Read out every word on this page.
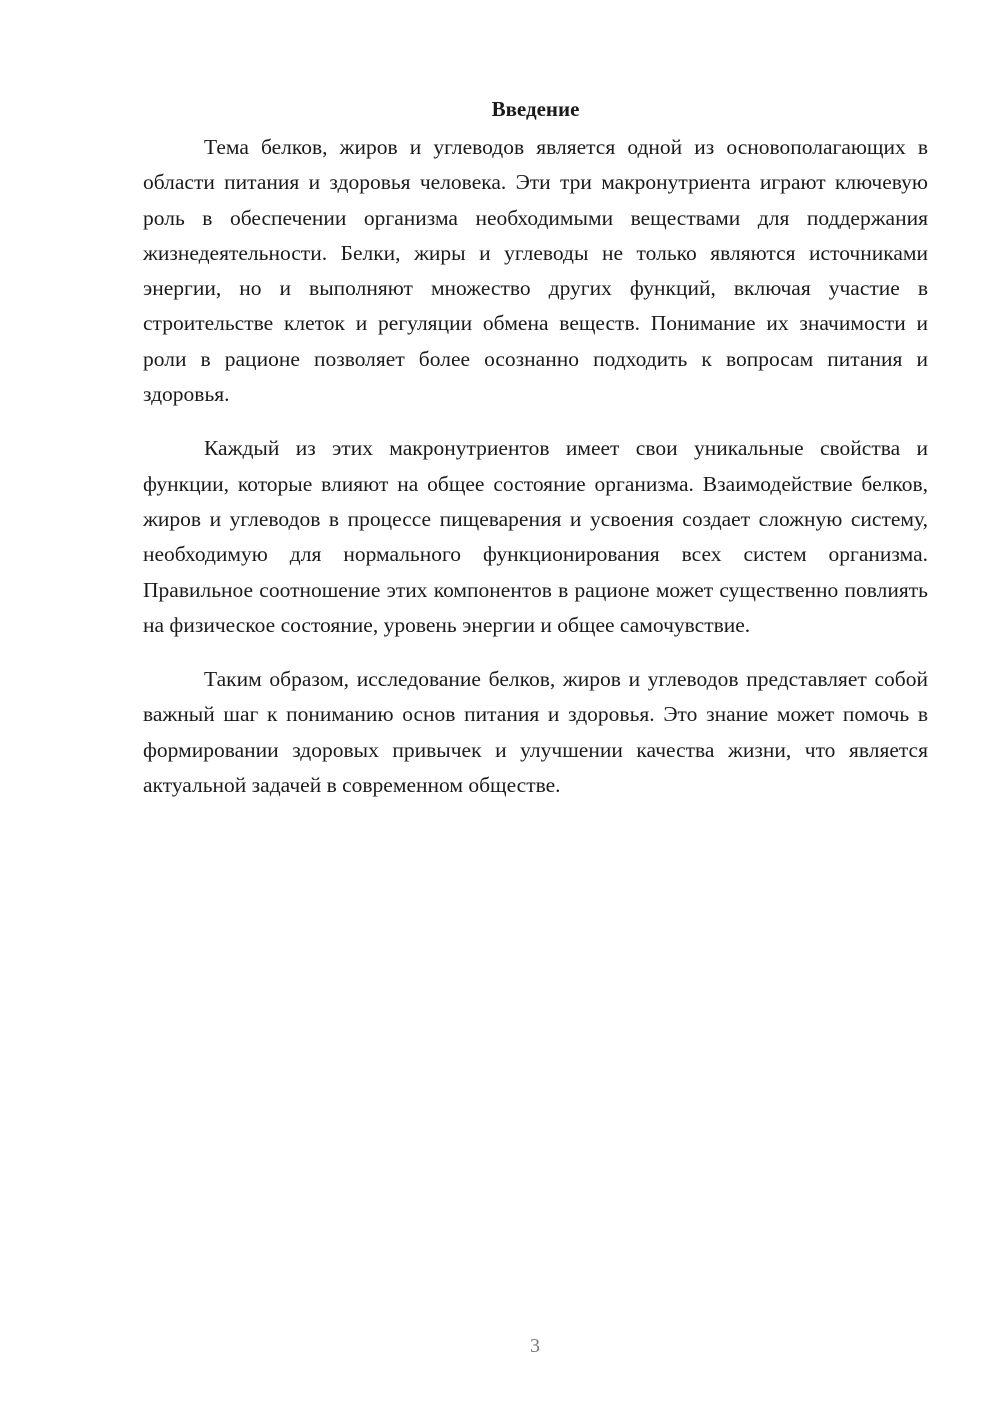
Введение

Тема белков, жиров и углеводов является одной из основополагающих в области питания и здоровья человека. Эти три макронутриента играют ключевую роль в обеспечении организма необходимыми веществами для поддержания жизнедеятельности. Белки, жиры и углеводы не только являются источниками энергии, но и выполняют множество других функций, включая участие в строительстве клеток и регуляции обмена веществ. Понимание их значимости и роли в рационе позволяет более осознанно подходить к вопросам питания и здоровья.

Каждый из этих макронутриентов имеет свои уникальные свойства и функции, которые влияют на общее состояние организма. Взаимодействие белков, жиров и углеводов в процессе пищеварения и усвоения создает сложную систему, необходимую для нормального функционирования всех систем организма. Правильное соотношение этих компонентов в рационе может существенно повлиять на физическое состояние, уровень энергии и общее самочувствие.

Таким образом, исследование белков, жиров и углеводов представляет собой важный шаг к пониманию основ питания и здоровья. Это знание может помочь в формировании здоровых привычек и улучшении качества жизни, что является актуальной задачей в современном обществе.

3
